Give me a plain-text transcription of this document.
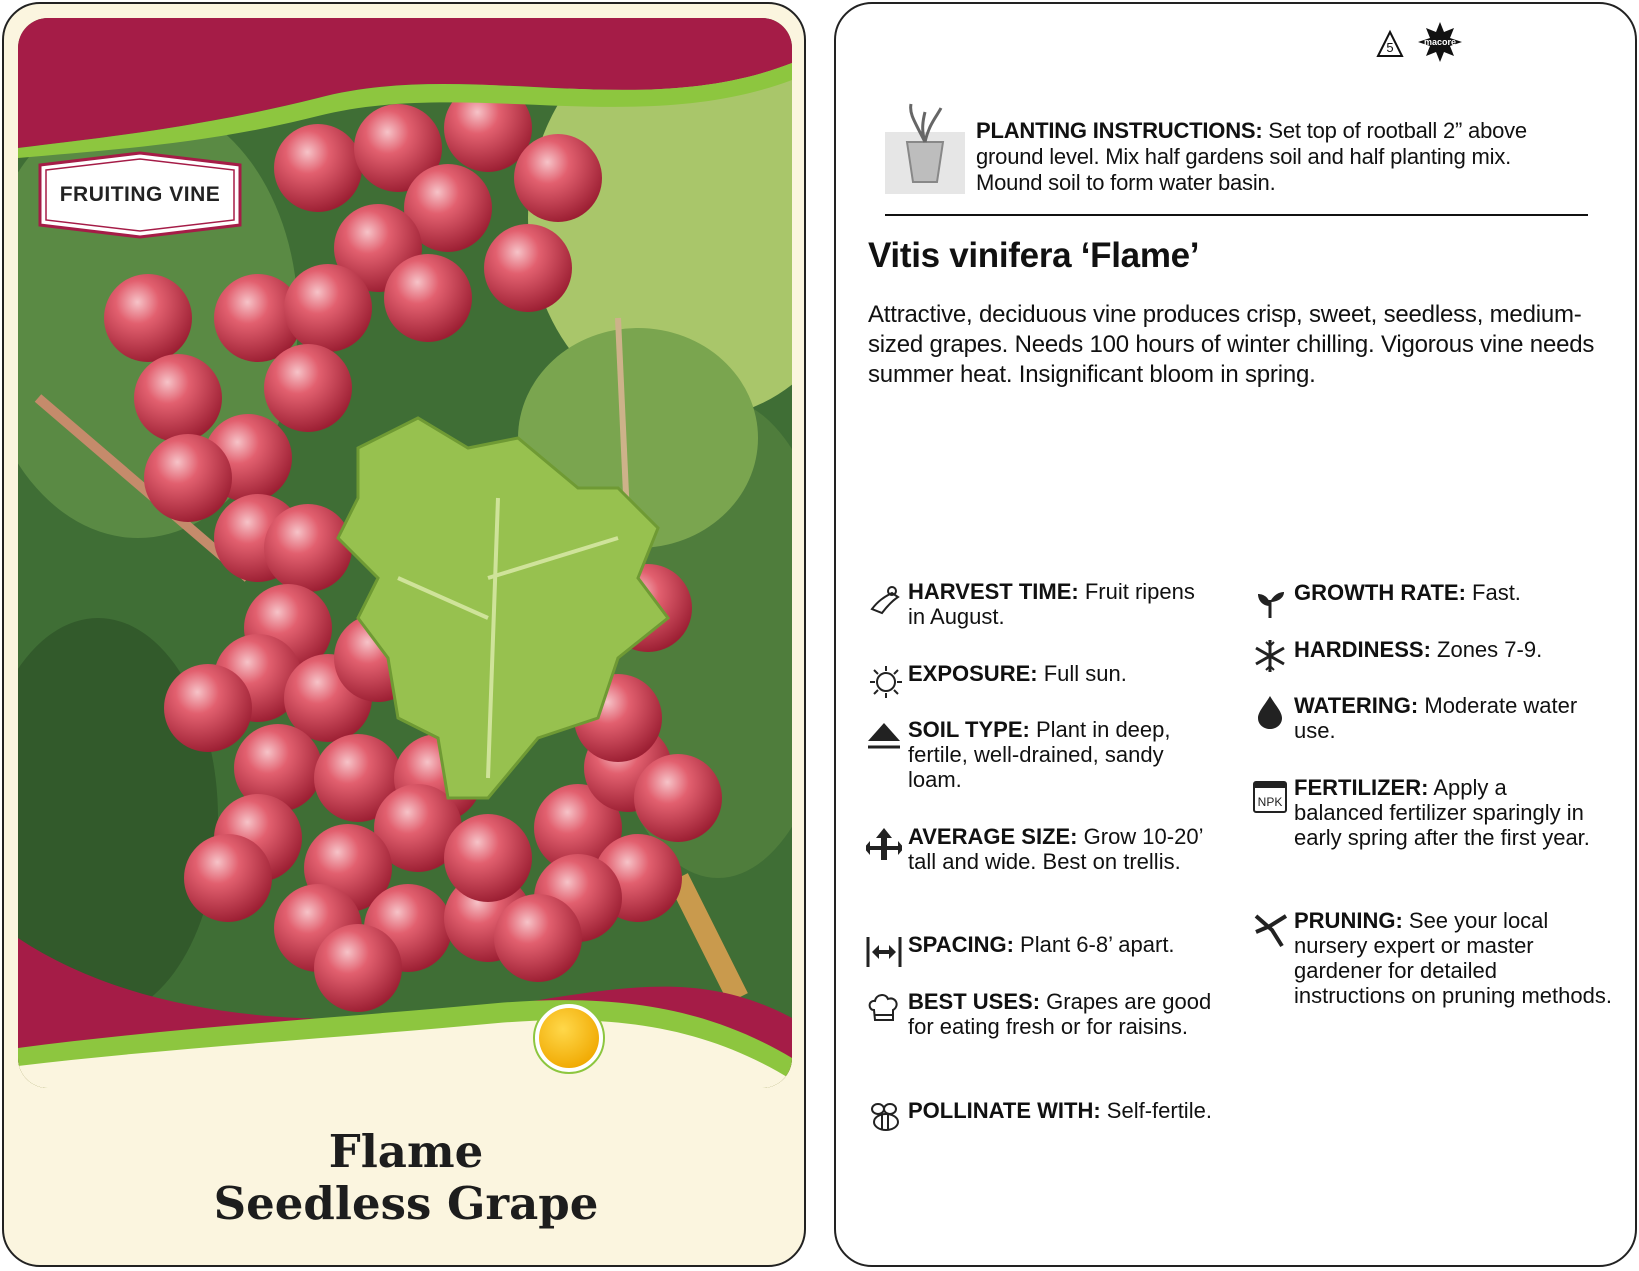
FRUITING VINE
Flame
Seedless Grape
5	macore
PLANTING INSTRUCTIONS: Set top of rootball 2” above ground level. Mix half gardens soil and half planting mix. Mound soil to form water basin.
Vitis vinifera ‘Flame’
Attractive, deciduous vine produces crisp, sweet, seedless, medium-sized grapes. Needs 100 hours of winter chilling. Vigorous vine needs summer heat. Insignificant bloom in spring.
HARVEST TIME: Fruit ripens in August.
EXPOSURE: Full sun.
SOIL TYPE: Plant in deep, fertile, well-drained, sandy loam.
AVERAGE SIZE: Grow 10-20’ tall and wide. Best on trellis.
SPACING: Plant 6-8’ apart.
BEST USES: Grapes are good for eating fresh or for raisins.
POLLINATE WITH: Self-fertile.
GROWTH RATE: Fast.
HARDINESS: Zones 7-9.
WATERING: Moderate water use.
NPK
FERTILIZER: Apply a balanced fertilizer sparingly in early spring after the first year.
PRUNING: See your local nursery expert or master gardener for detailed instructions on pruning methods.
